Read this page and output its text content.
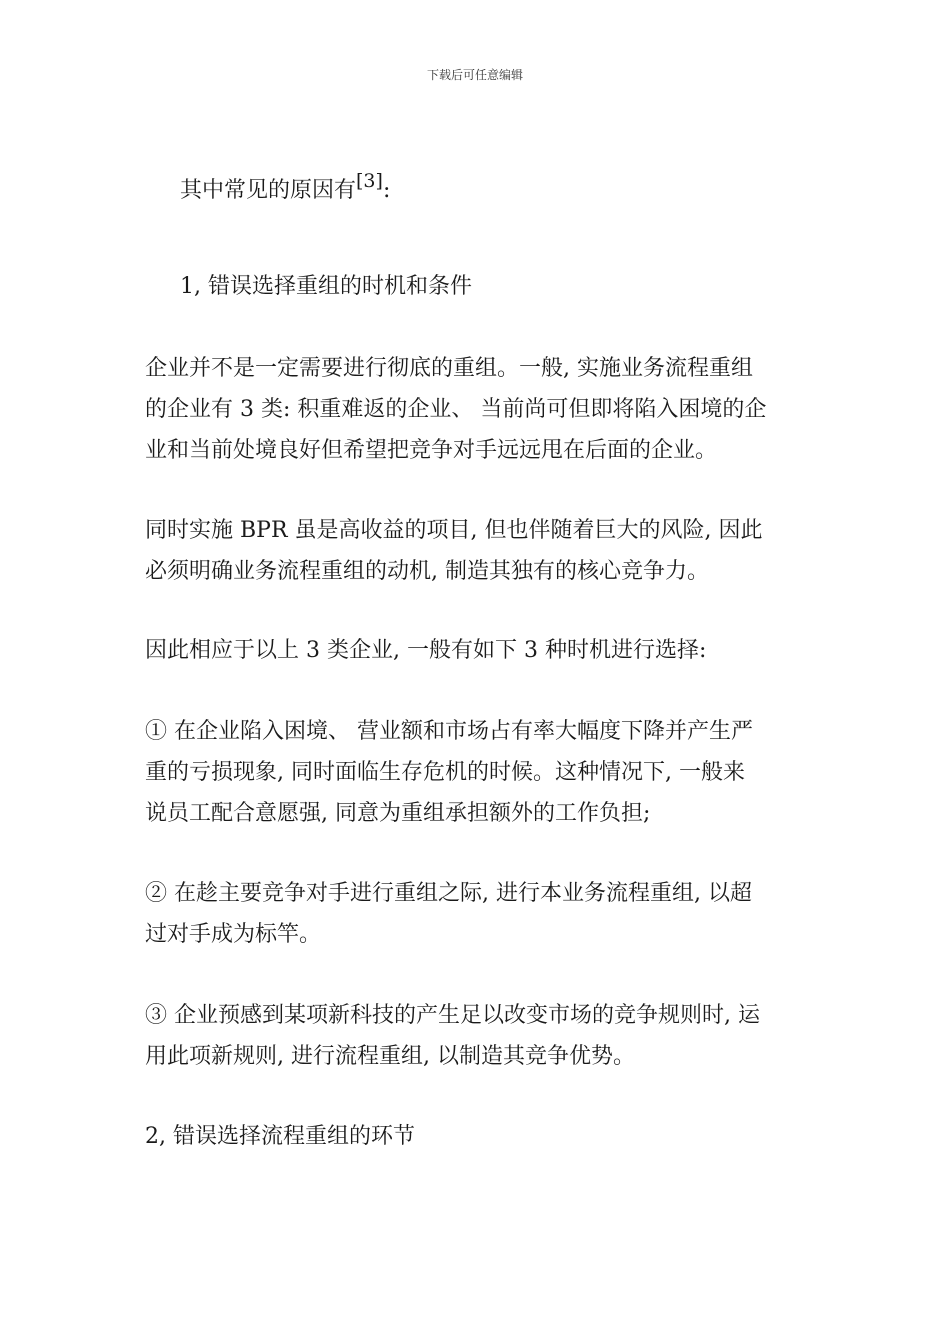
下载后可任意编辑
其中常见的原因有[3]:
1, 错误选择重组的时机和条件
企业并不是一定需要进行彻底的重组。一般, 实施业务流程重组
的企业有 3 类: 积重难返的企业、 当前尚可但即将陷入困境的企
业和当前处境良好但希望把竞争对手远远甩在后面的企业。
同时实施 BPR 虽是高收益的项目, 但也伴随着巨大的风险, 因此
必须明确业务流程重组的动机, 制造其独有的核心竞争力。
因此相应于以上 3 类企业, 一般有如下 3 种时机进行选择:
① 在企业陷入困境、 营业额和市场占有率大幅度下降并产生严
重的亏损现象, 同时面临生存危机的时候。这种情况下, 一般来
说员工配合意愿强, 同意为重组承担额外的工作负担;
② 在趁主要竞争对手进行重组之际, 进行本业务流程重组, 以超
过对手成为标竿。
③ 企业预感到某项新科技的产生足以改变市场的竞争规则时, 运
用此项新规则, 进行流程重组, 以制造其竞争优势。
2, 错误选择流程重组的环节
